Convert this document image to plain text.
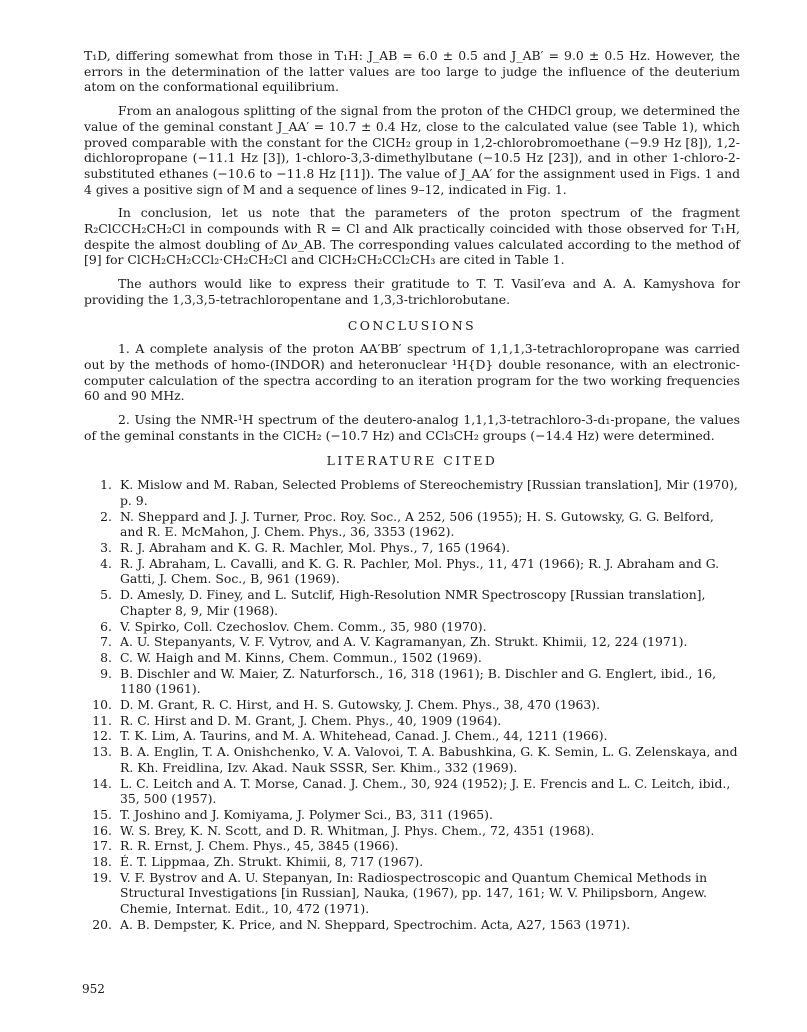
T₁D, differing somewhat from those in T₁H: J_AB = 6.0 ± 0.5 and J_AB′ = 9.0 ± 0.5 Hz. However, the errors in the determination of the latter values are too large to judge the influence of the deuterium atom on the conformational equilibrium.

From an analogous splitting of the signal from the proton of the CHDCl group, we determined the value of the geminal constant J_AA′ = 10.7 ± 0.4 Hz, close to the calculated value (see Table 1), which proved comparable with the constant for the ClCH₂ group in 1,2-chlorobromoethane (−9.9 Hz [8]), 1,2-dichloropropane (−11.1 Hz [3]), 1-chloro-3,3-dimethylbutane (−10.5 Hz [23]), and in other 1-chloro-2-substituted ethanes (−10.6 to −11.8 Hz [11]). The value of J_AA′ for the assignment used in Figs. 1 and 4 gives a positive sign of M and a sequence of lines 9–12, indicated in Fig. 1.

In conclusion, let us note that the parameters of the proton spectrum of the fragment R₂ClCCH₂CH₂Cl in compounds with R = Cl and Alk practically coincided with those observed for T₁H, despite the almost doubling of Δν_AB. The corresponding values calculated according to the method of [9] for ClCH₂CH₂CCl₂·CH₂CH₂Cl and ClCH₂CH₂CCl₂CH₃ are cited in Table 1.

The authors would like to express their gratitude to T. T. Vasil′eva and A. A. Kamyshova for providing the 1,3,3,5-tetrachloropentane and 1,3,3-trichlorobutane.

CONCLUSIONS

1. A complete analysis of the proton AA′BB′ spectrum of 1,1,1,3-tetrachloropropane was carried out by the methods of homo-(INDOR) and heteronuclear ¹H{D} double resonance, with an electronic-computer calculation of the spectra according to an iteration program for the two working frequencies 60 and 90 MHz.

2. Using the NMR-¹H spectrum of the deutero-analog 1,1,1,3-tetrachloro-3-d₁-propane, the values of the geminal constants in the ClCH₂ (−10.7 Hz) and CCl₃CH₂ groups (−14.4 Hz) were determined.

LITERATURE CITED
1. K. Mislow and M. Raban, Selected Problems of Stereochemistry [Russian translation], Mir (1970), p. 9.
2. N. Sheppard and J. J. Turner, Proc. Roy. Soc., A 252, 506 (1955); H. S. Gutowsky, G. G. Belford, and R. E. McMahon, J. Chem. Phys., 36, 3353 (1962).
3. R. J. Abraham and K. G. R. Machler, Mol. Phys., 7, 165 (1964).
4. R. J. Abraham, L. Cavalli, and K. G. R. Pachler, Mol. Phys., 11, 471 (1966); R. J. Abraham and G. Gatti, J. Chem. Soc., B, 961 (1969).
5. D. Amesly, D. Finey, and L. Sutclif, High-Resolution NMR Spectroscopy [Russian translation], Chapter 8, 9, Mir (1968).
6. V. Spirko, Coll. Czechoslov. Chem. Comm., 35, 980 (1970).
7. A. U. Stepanyants, V. F. Vytrov, and A. V. Kagramanyan, Zh. Strukt. Khimii, 12, 224 (1971).
8. C. W. Haigh and M. Kinns, Chem. Commun., 1502 (1969).
9. B. Dischler and W. Maier, Z. Naturforsch., 16, 318 (1961); B. Dischler and G. Englert, ibid., 16, 1180 (1961).
10. D. M. Grant, R. C. Hirst, and H. S. Gutowsky, J. Chem. Phys., 38, 470 (1963).
11. R. C. Hirst and D. M. Grant, J. Chem. Phys., 40, 1909 (1964).
12. T. K. Lim, A. Taurins, and M. A. Whitehead, Canad. J. Chem., 44, 1211 (1966).
13. B. A. Englin, T. A. Onishchenko, V. A. Valovoi, T. A. Babushkina, G. K. Semin, L. G. Zelenskaya, and R. Kh. Freidlina, Izv. Akad. Nauk SSSR, Ser. Khim., 332 (1969).
14. L. C. Leitch and A. T. Morse, Canad. J. Chem., 30, 924 (1952); J. E. Frencis and L. C. Leitch, ibid., 35, 500 (1957).
15. T. Joshino and J. Komiyama, J. Polymer Sci., B3, 311 (1965).
16. W. S. Brey, K. N. Scott, and D. R. Whitman, J. Phys. Chem., 72, 4351 (1968).
17. R. R. Ernst, J. Chem. Phys., 45, 3845 (1966).
18. É. T. Lippmaa, Zh. Strukt. Khimii, 8, 717 (1967).
19. V. F. Bystrov and A. U. Stepanyan, In: Radiospectroscopic and Quantum Chemical Methods in Structural Investigations [in Russian], Nauka, (1967), pp. 147, 161; W. V. Philipsborn, Angew. Chemie, Internat. Edit., 10, 472 (1971).
20. A. B. Dempster, K. Price, and N. Sheppard, Spectrochim. Acta, A27, 1563 (1971).
952
